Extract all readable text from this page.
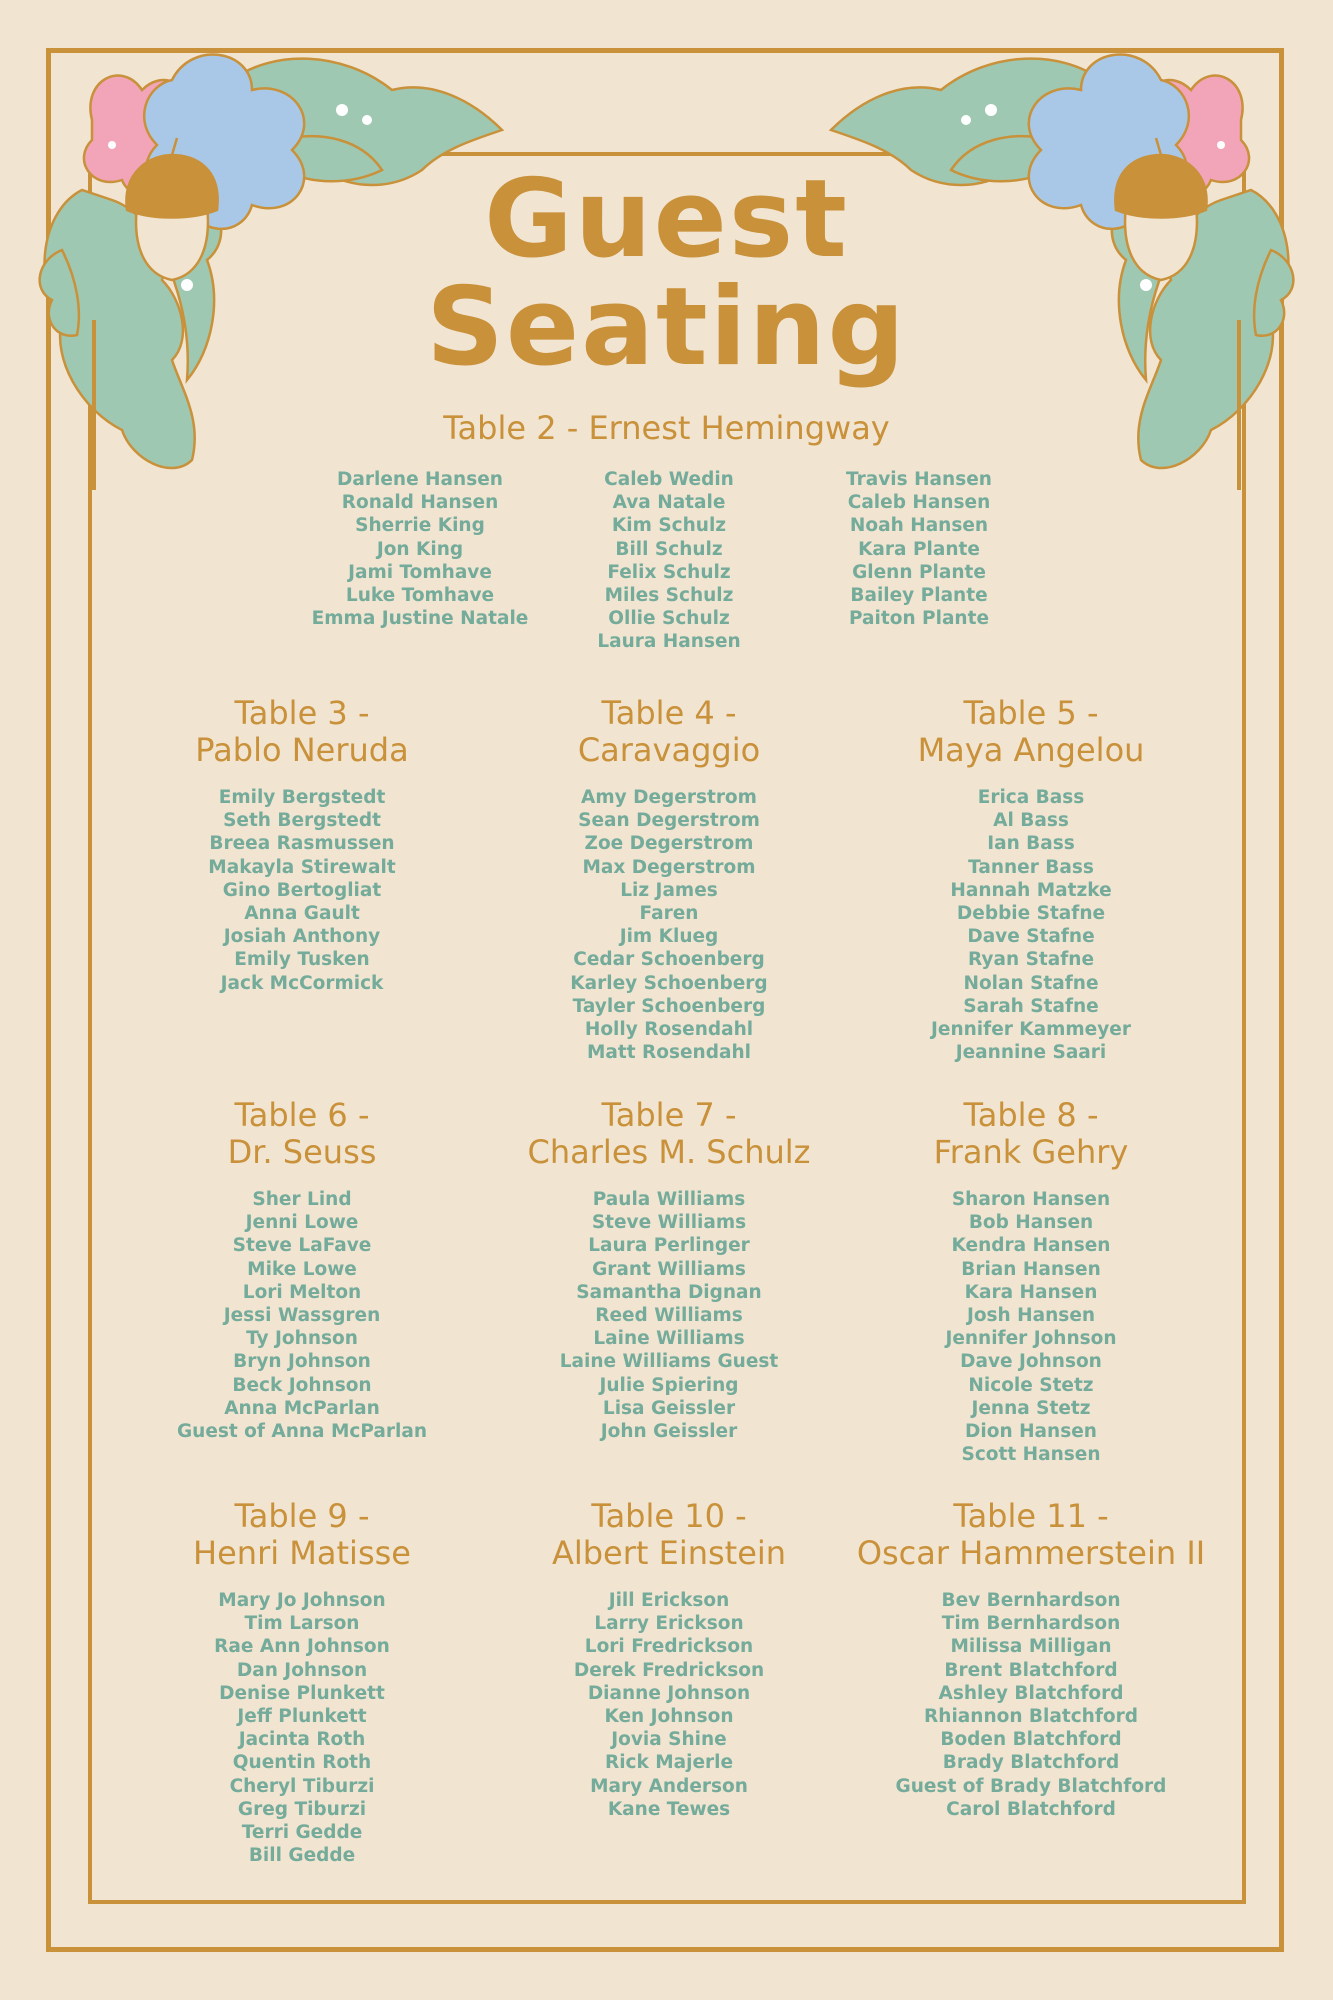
Guest
Seating
Table 2 - Ernest Hemingway
Darlene Hansen
Ronald Hansen
Sherrie King
Jon King
Jami Tomhave
Luke Tomhave
Emma Justine Natale
Caleb Wedin
Ava Natale
Kim Schulz
Bill Schulz
Felix Schulz
Miles Schulz
Ollie Schulz
Laura Hansen
Travis Hansen
Caleb Hansen
Noah Hansen
Kara Plante
Glenn Plante
Bailey Plante
Paiton Plante
Table 3 -
Pablo Neruda
Emily Bergstedt
Seth Bergstedt
Breea Rasmussen
Makayla Stirewalt
Gino Bertogliat
Anna Gault
Josiah Anthony
Emily Tusken
Jack McCormick
Table 4 -
Caravaggio
Amy Degerstrom
Sean Degerstrom
Zoe Degerstrom
Max Degerstrom
Liz James
Faren
Jim Klueg
Cedar Schoenberg
Karley Schoenberg
Tayler Schoenberg
Holly Rosendahl
Matt Rosendahl
Table 5 -
Maya Angelou
Erica Bass
Al Bass
Ian Bass
Tanner Bass
Hannah Matzke
Debbie Stafne
Dave Stafne
Ryan Stafne
Nolan Stafne
Sarah Stafne
Jennifer Kammeyer
Jeannine Saari
Table 6 -
Dr. Seuss
Sher Lind
Jenni Lowe
Steve LaFave
Mike Lowe
Lori Melton
Jessi Wassgren
Ty Johnson
Bryn Johnson
Beck Johnson
Anna McParlan
Guest of Anna McParlan
Table 7 -
Charles M. Schulz
Paula Williams
Steve Williams
Laura Perlinger
Grant Williams
Samantha Dignan
Reed Williams
Laine Williams
Laine Williams Guest
Julie Spiering
Lisa Geissler
John Geissler
Table 8 -
Frank Gehry
Sharon Hansen
Bob Hansen
Kendra Hansen
Brian Hansen
Kara Hansen
Josh Hansen
Jennifer Johnson
Dave Johnson
Nicole Stetz
Jenna Stetz
Dion Hansen
Scott Hansen
Table 9 -
Henri Matisse
Mary Jo Johnson
Tim Larson
Rae Ann Johnson
Dan Johnson
Denise Plunkett
Jeff Plunkett
Jacinta Roth
Quentin Roth
Cheryl Tiburzi
Greg Tiburzi
Terri Gedde
Bill Gedde
Table 10 -
Albert Einstein
Jill Erickson
Larry Erickson
Lori Fredrickson
Derek Fredrickson
Dianne Johnson
Ken Johnson
Jovia Shine
Rick Majerle
Mary Anderson
Kane Tewes
Table 11 -
Oscar Hammerstein II
Bev Bernhardson
Tim Bernhardson
Milissa Milligan
Brent Blatchford
Ashley Blatchford
Rhiannon Blatchford
Boden Blatchford
Brady Blatchford
Guest of Brady Blatchford
Carol Blatchford
